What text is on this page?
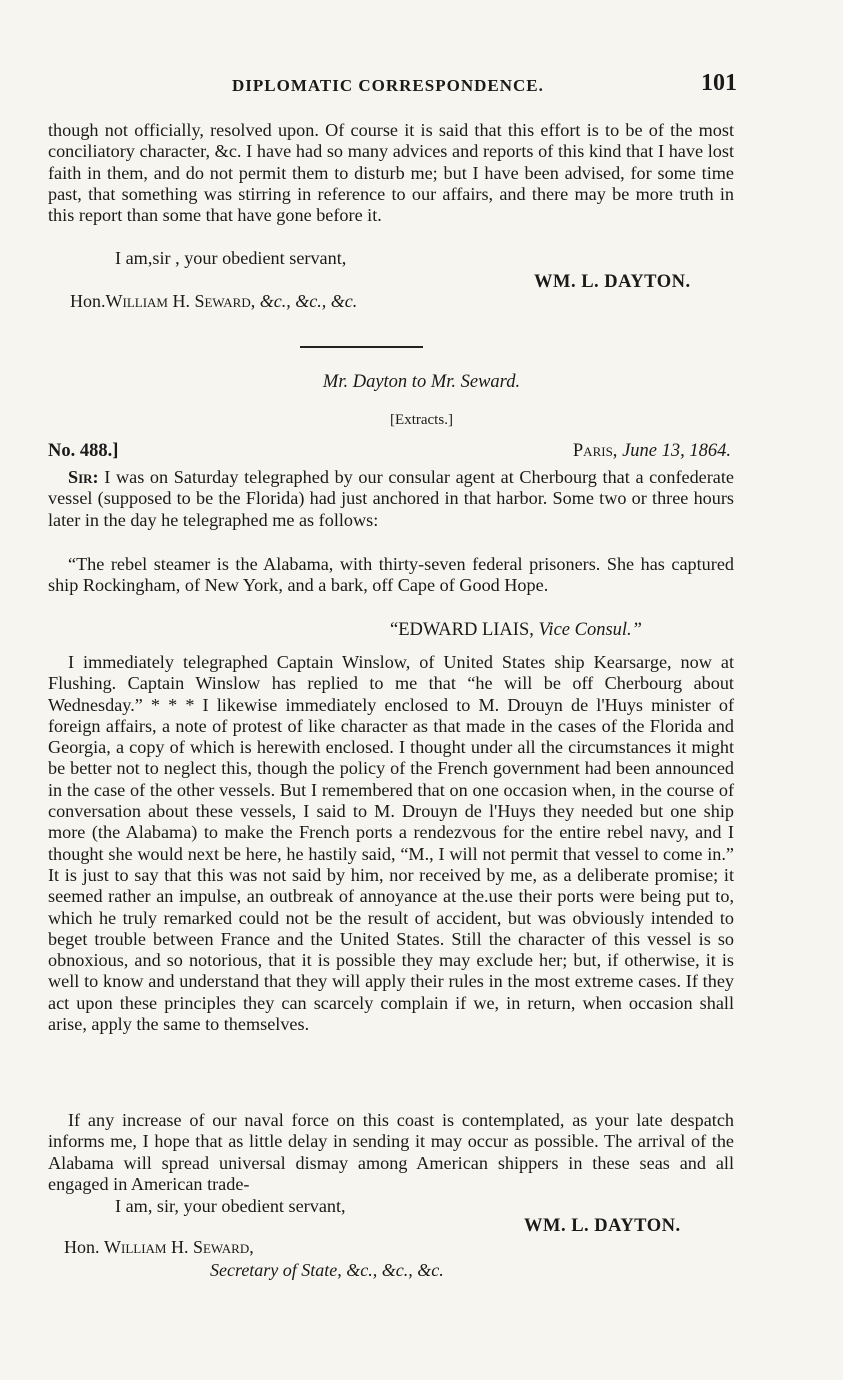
DIPLOMATIC CORRESPONDENCE.	101

though not officially, resolved upon. Of course it is said that this effort is to be of the most conciliatory character, &c. I have had so many advices and reports of this kind that I have lost faith in them, and do not permit them to disturb me; but I have been advised, for some time past, that something was stirring in reference to our affairs, and there may be more truth in this report than some that have gone before it.

I am,sir , your obedient servant,
WM. L. DAYTON.
Hon.William H. Seward, &c., &c., &c.
Mr. Dayton to Mr. Seward.
[Extracts.]
No. 488.]	Paris, June 13, 1864.

Sir: I was on Saturday telegraphed by our consular agent at Cherbourg that a confederate vessel (supposed to be the Florida) had just anchored in that harbor. Some two or three hours later in the day he telegraphed me as follows:

“The rebel steamer is the Alabama, with thirty-seven federal prisoners. She has captured ship Rockingham, of New York, and a bark, off Cape of Good Hope.

“EDWARD LIAIS, Vice Consul.”

I immediately telegraphed Captain Winslow, of United States ship Kearsarge, now at Flushing. Captain Winslow has replied to me that “he will be off Cherbourg about Wednesday.” * * * I likewise immediately enclosed to M. Drouyn de l'Huys minister of foreign affairs, a note of protest of like character as that made in the cases of the Florida and Georgia, a copy of which is herewith enclosed. I thought under all the circumstances it might be better not to neglect this, though the policy of the French government had been announced in the case of the other vessels. But I remembered that on one occasion when, in the course of conversation about these vessels, I said to M. Drouyn de l'Huys they needed but one ship more (the Alabama) to make the French ports a rendezvous for the entire rebel navy, and I thought she would next be here, he hastily said, “M., I will not permit that vessel to come in.” It is just to say that this was not said by him, nor received by me, as a deliberate promise; it seemed rather an impulse, an outbreak of annoyance at the.use their ports were being put to, which he truly remarked could not be the result of accident, but was obviously intended to beget trouble between France and the United States. Still the character of this vessel is so obnoxious, and so notorious, that it is possible they may exclude her; but, if otherwise, it is well to know and understand that they will apply their rules in the most extreme cases. If they act upon these principles they can scarcely complain if we, in return, when occasion shall arise, apply the same to themselves.

If any increase of our naval force on this coast is contemplated, as your late despatch informs me, I hope that as little delay in sending it may occur as possible. The arrival of the Alabama will spread universal dismay among American shippers in these seas and all engaged in American trade-

I am, sir, your obedient servant,
WM. L. DAYTON.
Hon. William H. Seward,
Secretary of State, &c., &c., &c.
